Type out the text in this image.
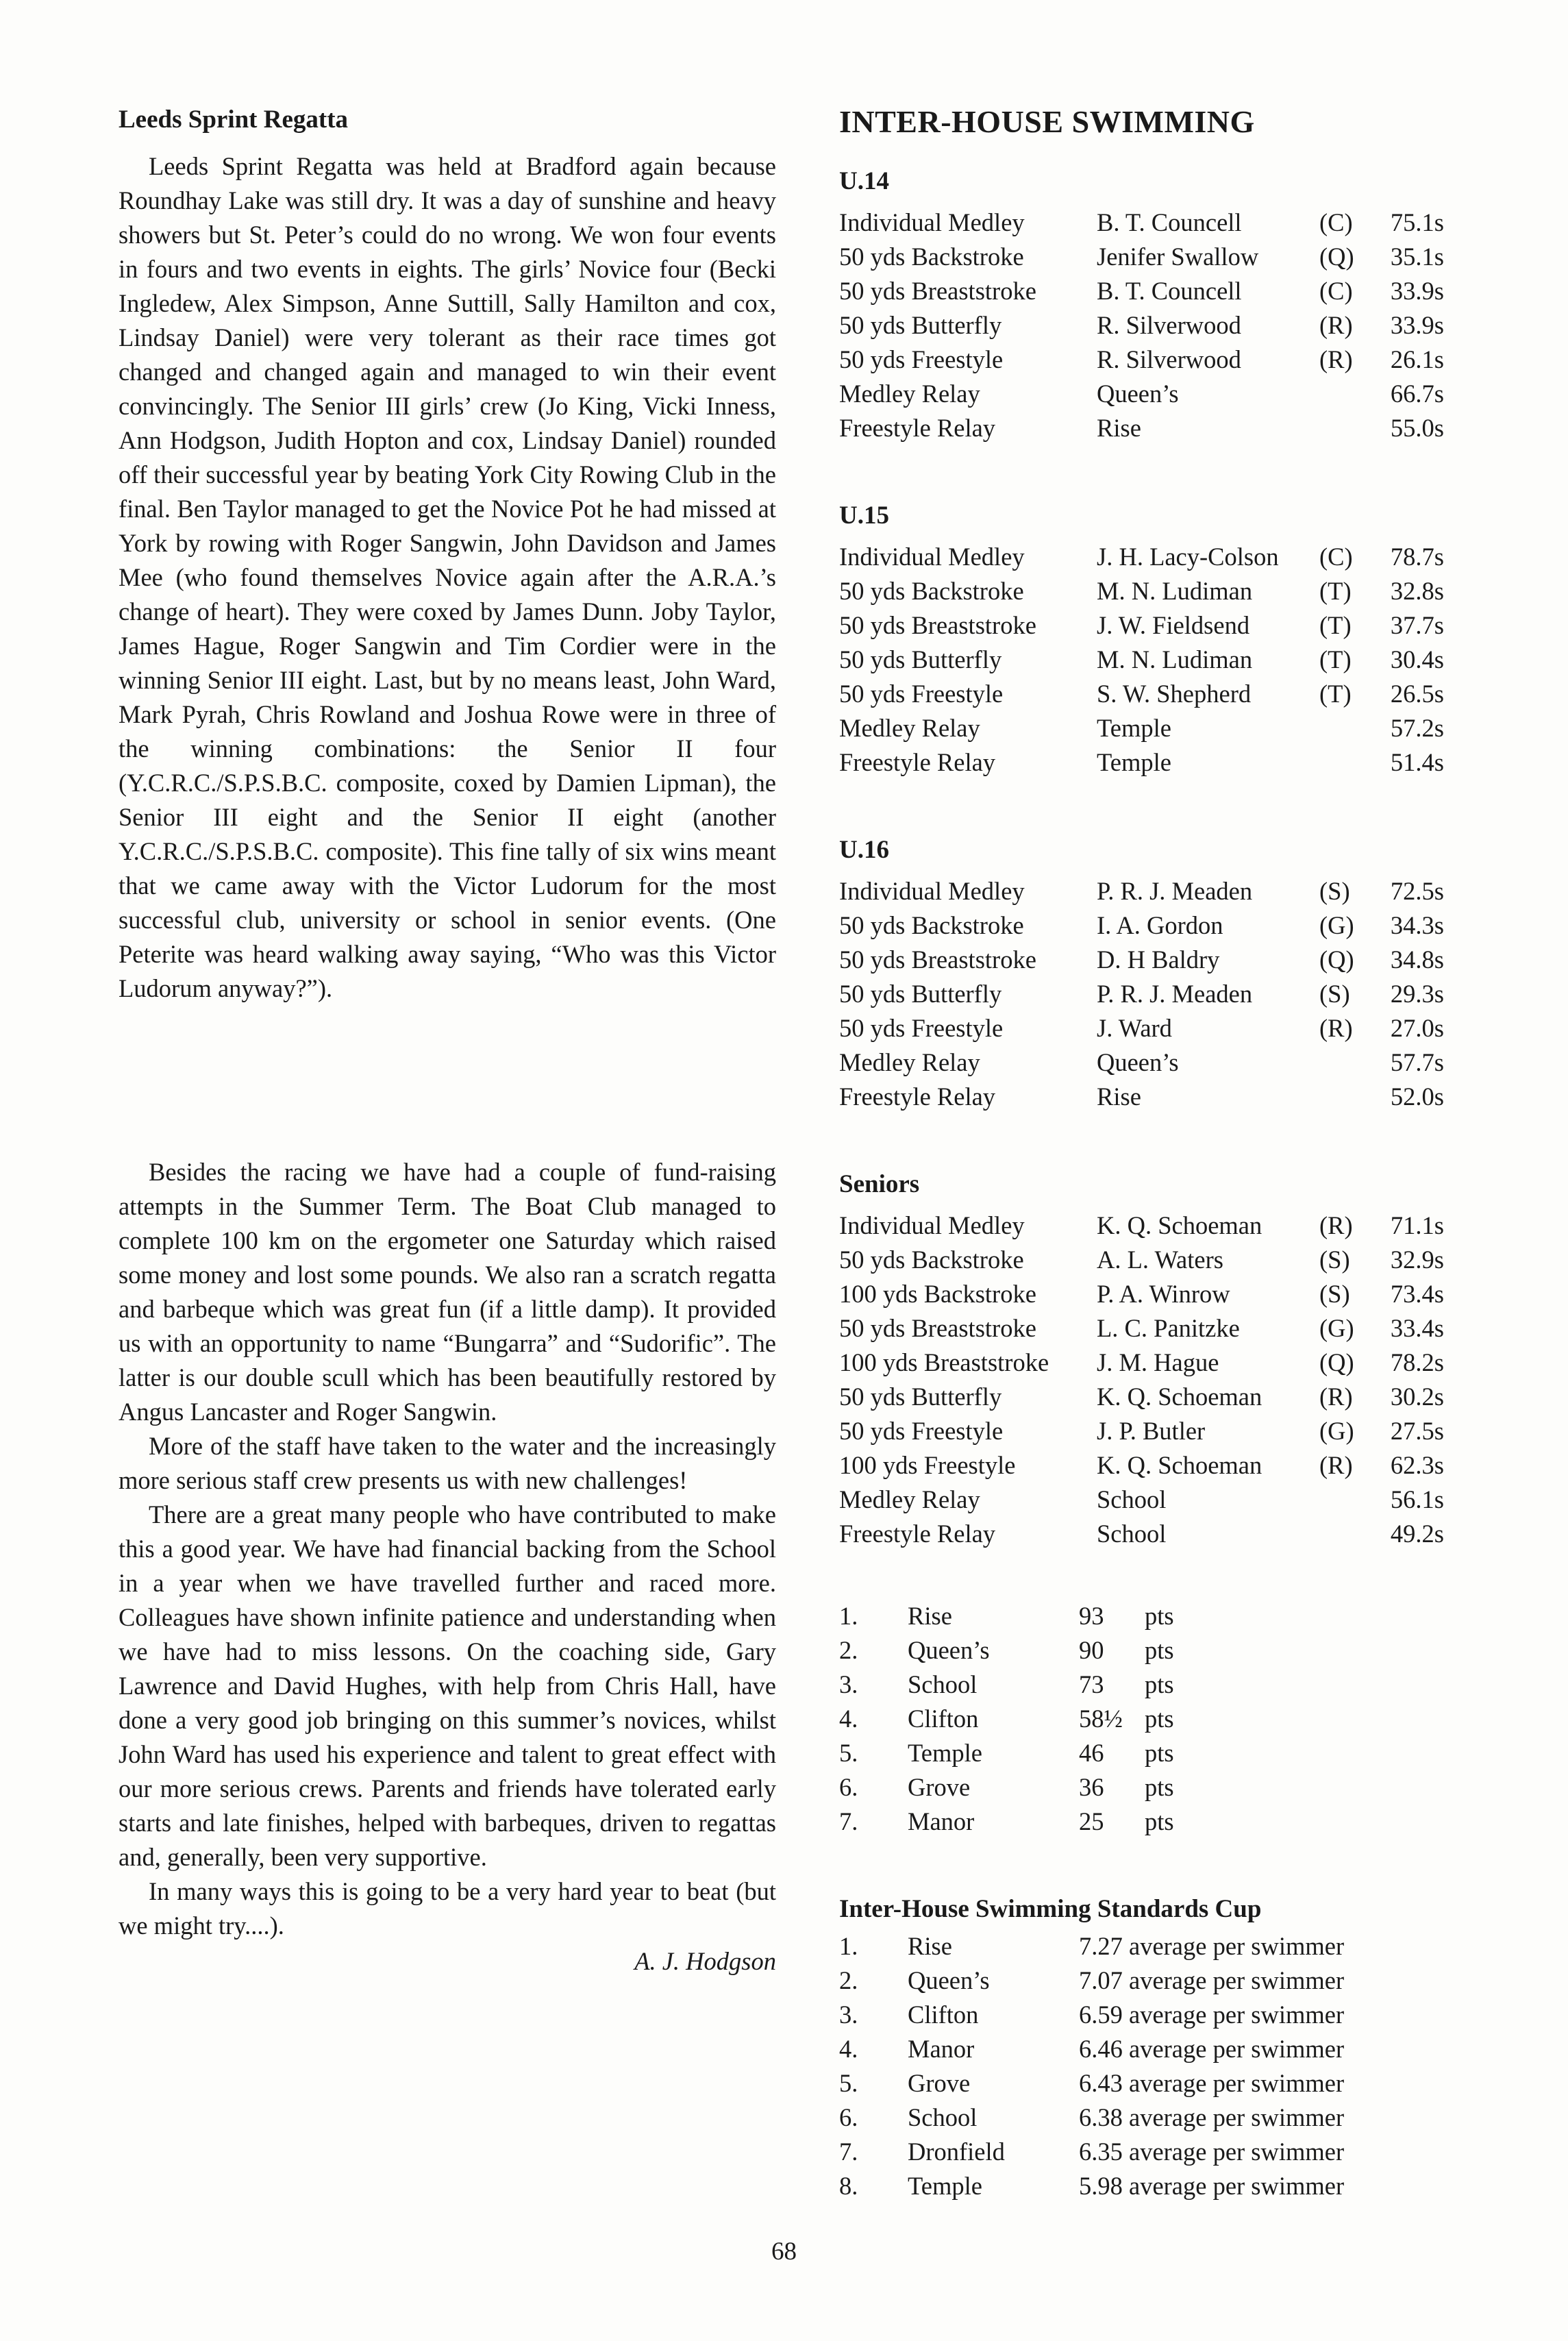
Leeds Sprint Regatta

Leeds Sprint Regatta was held at Bradford again because Roundhay Lake was still dry. It was a day of sunshine and heavy showers but St. Peter’s could do no wrong. We won four events in fours and two events in eights. The girls’ Novice four (Becki Ingledew, Alex Simpson, Anne Suttill, Sally Hamilton and cox, Lindsay Daniel) were very tolerant as their race times got changed and changed again and managed to win their event convincingly. The Senior III girls’ crew (Jo King, Vicki Inness, Ann Hodgson, Judith Hopton and cox, Lindsay Daniel) rounded off their successful year by beating York City Rowing Club in the final. Ben Taylor managed to get the Novice Pot he had missed at York by rowing with Roger Sangwin, John Davidson and James Mee (who found themselves Novice again after the A.R.A.’s change of heart). They were coxed by James Dunn. Joby Taylor, James Hague, Roger Sangwin and Tim Cordier were in the winning Senior III eight. Last, but by no means least, John Ward, Mark Pyrah, Chris Rowland and Joshua Rowe were in three of the winning combinations: the Senior II four (Y.C.R.C./S.P.S.B.C. composite, coxed by Damien Lipman), the Senior III eight and the Senior II eight (another Y.C.R.C./S.P.S.B.C. composite). This fine tally of six wins meant that we came away with the Victor Ludorum for the most successful club, university or school in senior events. (One Peterite was heard walking away saying, “Who was this Victor Ludorum anyway?”).

Besides the racing we have had a couple of fund-raising attempts in the Summer Term. The Boat Club managed to complete 100 km on the ergometer one Saturday which raised some money and lost some pounds. We also ran a scratch regatta and barbeque which was great fun (if a little damp). It provided us with an opportunity to name “Bungarra” and “Sudorific”. The latter is our double scull which has been beautifully restored by Angus Lancaster and Roger Sangwin.

More of the staff have taken to the water and the increasingly more serious staff crew presents us with new challenges!

There are a great many people who have contributed to make this a good year. We have had financial backing from the School in a year when we have travelled further and raced more. Colleagues have shown infinite patience and understanding when we have had to miss lessons. On the coaching side, Gary Lawrence and David Hughes, with help from Chris Hall, have done a very good job bringing on this summer’s novices, whilst John Ward has used his experience and talent to great effect with our more serious crews. Parents and friends have tolerated early starts and late finishes, helped with barbeques, driven to regattas and, generally, been very supportive.

In many ways this is going to be a very hard year to beat (but we might try....).

A. J. Hodgson
INTER-HOUSE SWIMMING
U.14
Individual Medley	B. T. Councell	(C)	75.1s
50 yds Backstroke	Jenifer Swallow	(Q)	35.1s
50 yds Breaststroke	B. T. Councell	(C)	33.9s
50 yds Butterfly	R. Silverwood	(R)	33.9s
50 yds Freestyle	R. Silverwood	(R)	26.1s
Medley Relay	Queen’s		66.7s
Freestyle Relay	Rise		55.0s
U.15
Individual Medley	J. H. Lacy-Colson	(C)	78.7s
50 yds Backstroke	M. N. Ludiman	(T)	32.8s
50 yds Breaststroke	J. W. Fieldsend	(T)	37.7s
50 yds Butterfly	M. N. Ludiman	(T)	30.4s
50 yds Freestyle	S. W. Shepherd	(T)	26.5s
Medley Relay	Temple		57.2s
Freestyle Relay	Temple		51.4s
U.16
Individual Medley	P. R. J. Meaden	(S)	72.5s
50 yds Backstroke	I. A. Gordon	(G)	34.3s
50 yds Breaststroke	D. H Baldry	(Q)	34.8s
50 yds Butterfly	P. R. J. Meaden	(S)	29.3s
50 yds Freestyle	J. Ward	(R)	27.0s
Medley Relay	Queen’s		57.7s
Freestyle Relay	Rise		52.0s
Seniors
Individual Medley	K. Q. Schoeman	(R)	71.1s
50 yds Backstroke	A. L. Waters	(S)	32.9s
100 yds Backstroke	P. A. Winrow	(S)	73.4s
50 yds Breaststroke	L. C. Panitzke	(G)	33.4s
100 yds Breaststroke	J. M. Hague	(Q)	78.2s
50 yds Butterfly	K. Q. Schoeman	(R)	30.2s
50 yds Freestyle	J. P. Butler	(G)	27.5s
100 yds Freestyle	K. Q. Schoeman	(R)	62.3s
Medley Relay	School		56.1s
Freestyle Relay	School		49.2s
1.	Rise	93	pts
2.	Queen’s	90	pts
3.	School	73	pts
4.	Clifton	58½	pts
5.	Temple	46	pts
6.	Grove	36	pts
7.	Manor	25	pts
Inter-House Swimming Standards Cup
1.	Rise	7.27 average per swimmer
2.	Queen’s	7.07 average per swimmer
3.	Clifton	6.59 average per swimmer
4.	Manor	6.46 average per swimmer
5.	Grove	6.43 average per swimmer
6.	School	6.38 average per swimmer
7.	Dronfield	6.35 average per swimmer
8.	Temple	5.98 average per swimmer
68
